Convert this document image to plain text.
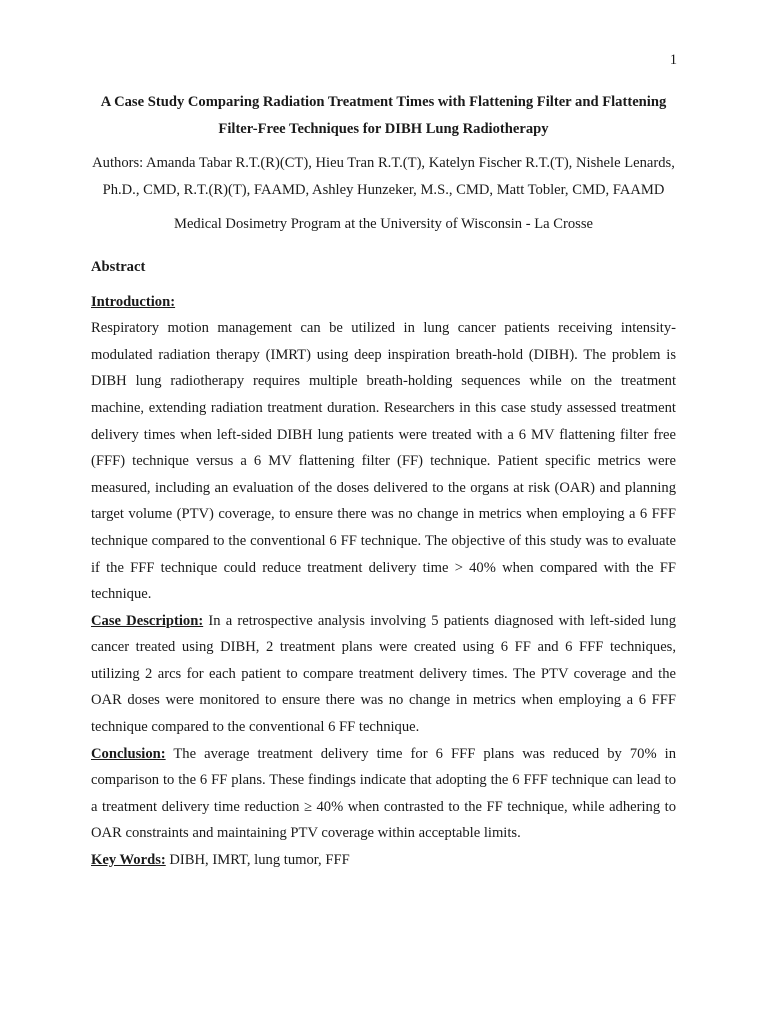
1
A Case Study Comparing Radiation Treatment Times with Flattening Filter and Flattening Filter-Free Techniques for DIBH Lung Radiotherapy
Authors: Amanda Tabar R.T.(R)(CT), Hieu Tran R.T.(T), Katelyn Fischer R.T.(T), Nishele Lenards, Ph.D., CMD, R.T.(R)(T), FAAMD, Ashley Hunzeker, M.S., CMD, Matt Tobler, CMD, FAAMD
Medical Dosimetry Program at the University of Wisconsin - La Crosse
Abstract
Introduction:
Respiratory motion management can be utilized in lung cancer patients receiving intensity-modulated radiation therapy (IMRT) using deep inspiration breath-hold (DIBH). The problem is DIBH lung radiotherapy requires multiple breath-holding sequences while on the treatment machine, extending radiation treatment duration. Researchers in this case study assessed treatment delivery times when left-sided DIBH lung patients were treated with a 6 MV flattening filter free (FFF) technique versus a 6 MV flattening filter (FF) technique. Patient specific metrics were measured, including an evaluation of the doses delivered to the organs at risk (OAR) and planning target volume (PTV) coverage, to ensure there was no change in metrics when employing a 6 FFF technique compared to the conventional 6 FF technique. The objective of this study was to evaluate if the FFF technique could reduce treatment delivery time > 40% when compared with the FF technique.
Case Description: In a retrospective analysis involving 5 patients diagnosed with left-sided lung cancer treated using DIBH, 2 treatment plans were created using 6 FF and 6 FFF techniques, utilizing 2 arcs for each patient to compare treatment delivery times. The PTV coverage and the OAR doses were monitored to ensure there was no change in metrics when employing a 6 FFF technique compared to the conventional 6 FF technique.
Conclusion: The average treatment delivery time for 6 FFF plans was reduced by 70% in comparison to the 6 FF plans. These findings indicate that adopting the 6 FFF technique can lead to a treatment delivery time reduction ≥ 40% when contrasted to the FF technique, while adhering to OAR constraints and maintaining PTV coverage within acceptable limits.
Key Words: DIBH, IMRT, lung tumor, FFF
